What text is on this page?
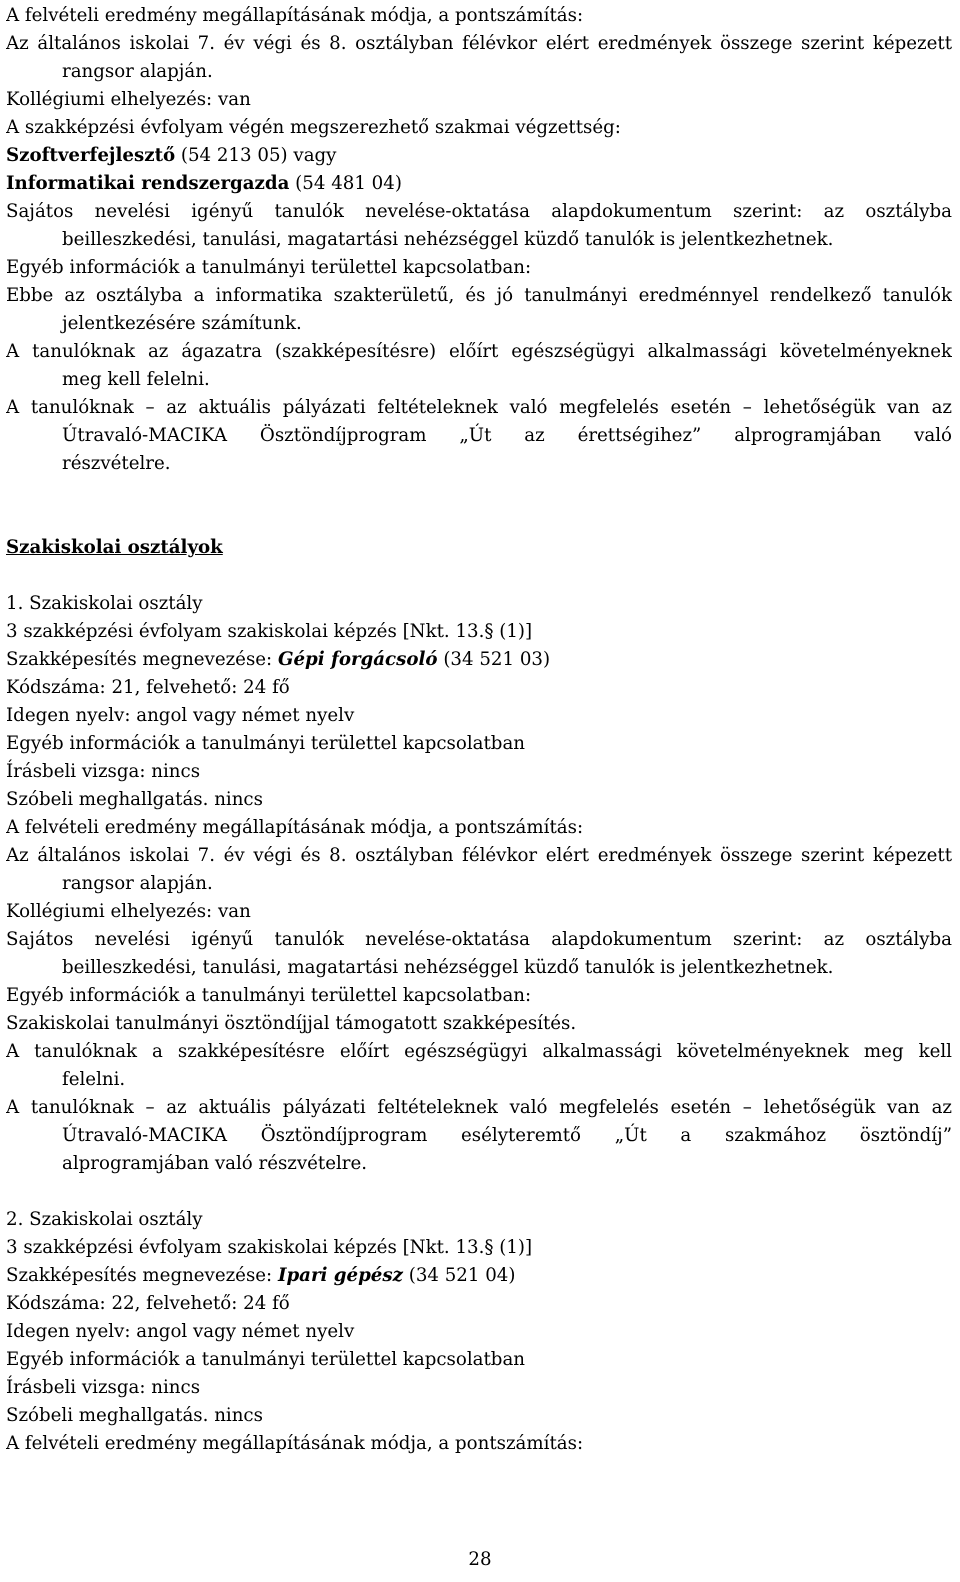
A felvételi eredmény megállapításának módja, a pontszámítás:
Az általános iskolai 7. év végi és 8. osztályban félévkor elért eredmények összege szerint képezett
rangsor alapján.
Kollégiumi elhelyezés: van
A szakképzési évfolyam végén megszerezhető szakmai végzettség:
Szoftverfejlesztő (54 213 05) vagy
Informatikai rendszergazda (54 481 04)
Sajátos nevelési igényű tanulók nevelése-oktatása alapdokumentum szerint: az osztályba
beilleszkedési, tanulási, magatartási nehézséggel küzdő tanulók is jelentkezhetnek.
Egyéb információk a tanulmányi területtel kapcsolatban:
Ebbe az osztályba a informatika szakterületű, és jó tanulmányi eredménnyel rendelkező tanulók
jelentkezésére számítunk.
A tanulóknak az ágazatra (szakképesítésre) előírt egészségügyi alkalmassági követelményeknek
meg kell felelni.
A tanulóknak – az aktuális pályázati feltételeknek való megfelelés esetén – lehetőségük van az
Útravaló-MACIKA Ösztöndíjprogram „Út az érettségihez” alprogramjában való
részvételre.
Szakiskolai osztályok
1. Szakiskolai osztály
3 szakképzési évfolyam szakiskolai képzés [Nkt. 13.§ (1)]
Szakképesítés megnevezése: Gépi forgácsoló (34 521 03)
Kódszáma: 21, felvehető: 24 fő
Idegen nyelv: angol vagy német nyelv
Egyéb információk a tanulmányi területtel kapcsolatban
Írásbeli vizsga: nincs
Szóbeli meghallgatás. nincs
A felvételi eredmény megállapításának módja, a pontszámítás:
Az általános iskolai 7. év végi és 8. osztályban félévkor elért eredmények összege szerint képezett
rangsor alapján.
Kollégiumi elhelyezés: van
Sajátos nevelési igényű tanulók nevelése-oktatása alapdokumentum szerint: az osztályba
beilleszkedési, tanulási, magatartási nehézséggel küzdő tanulók is jelentkezhetnek.
Egyéb információk a tanulmányi területtel kapcsolatban:
Szakiskolai tanulmányi ösztöndíjjal támogatott szakképesítés.
A tanulóknak a szakképesítésre előírt egészségügyi alkalmassági követelményeknek meg kell
felelni.
A tanulóknak – az aktuális pályázati feltételeknek való megfelelés esetén – lehetőségük van az
Útravaló-MACIKA Ösztöndíjprogram esélyteremtő „Út a szakmához ösztöndíj”
alprogramjában való részvételre.
2. Szakiskolai osztály
3 szakképzési évfolyam szakiskolai képzés [Nkt. 13.§ (1)]
Szakképesítés megnevezése: Ipari gépész (34 521 04)
Kódszáma: 22, felvehető: 24 fő
Idegen nyelv: angol vagy német nyelv
Egyéb információk a tanulmányi területtel kapcsolatban
Írásbeli vizsga: nincs
Szóbeli meghallgatás. nincs
A felvételi eredmény megállapításának módja, a pontszámítás:
28
